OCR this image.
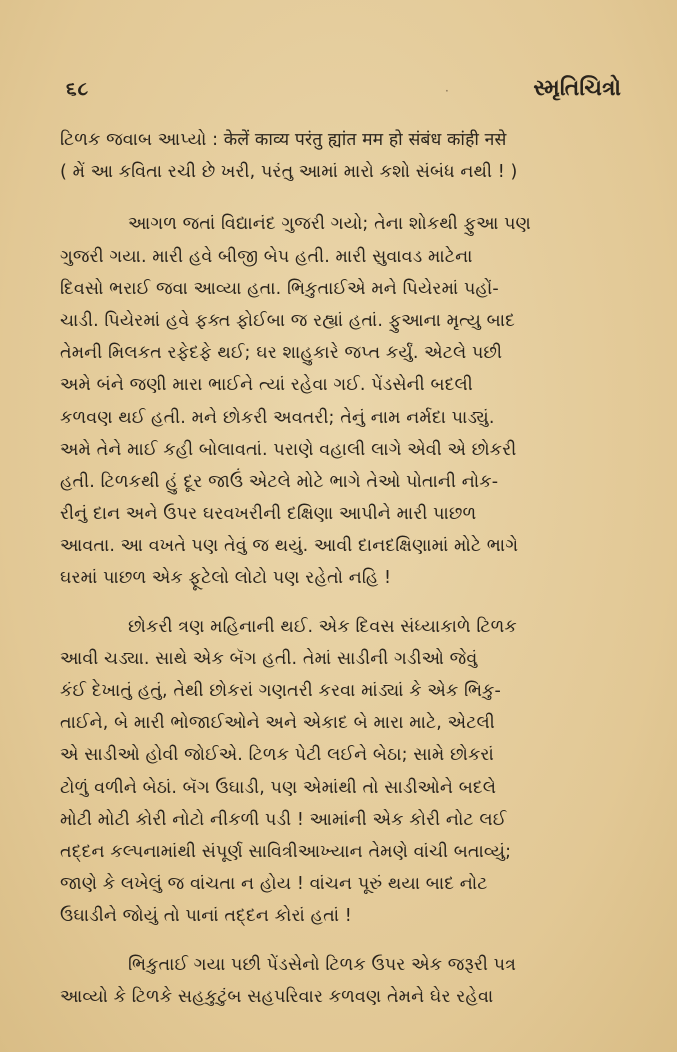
૬૮	·	સ્મૃતિચિત્રો
ટિળક જવાબ આપ્યો : केलें काव्य परंतु ह्यांत मम हो संबंध कांही नसे
( મેં આ કવિતા રચી છે ખરી, પરંતુ આમાં મારો કશો સંબંધ નથી ! )
આગળ જતાં વિદ્યાનંદ ગુજરી ગયો; તેના શોકથી ફુઆ પણ
ગુજરી ગયા. મારી હવે બીજી બેપ હતી. મારી સુવાવડ માટેના
દિવસો ભરાઈ જવા આવ્યા હતા. ભિકુતાઈએ મને પિયેરમાં પહોં-
ચાડી. પિયેરમાં હવે ફક્ત ફોઈબા જ રહ્યાં હતાં. ફુઆના મૃત્યુ બાદ
તેમની મિલકત રફેદફે થઈ; ઘર શાહુકારે જપ્ત કર્યું. એટલે પછી
અમે બંને જણી મારા ભાઈને ત્યાં રહેવા ગઈ. પેંડસેની બદલી
કળવણ થઈ હતી. મને છોકરી અવતરી; તેનું નામ નર્મદા પાડ્યું.
અમે તેને માઈ કહી બોલાવતાં. પરાણે વહાલી લાગે એવી એ છોકરી
હતી. ટિળકથી હું દૂર જાઉં એટલે મોટે ભાગે તેઓ પોતાની નોક-
રીનું દાન અને ઉપર ઘરવખરીની દક્ષિણા આપીને મારી પાછળ
આવતા. આ વખતે પણ તેવું જ થયું. આવી દાનદક્ષિણામાં મોટે ભાગે
ઘરમાં પાછળ એક ફૂટેલો લોટો પણ રહેતો નહિ !
છોકરી ત્રણ મહિનાની થઈ. એક દિવસ સંધ્યાકાળે ટિળક
આવી ચડ્યા. સાથે એક બૅગ હતી. તેમાં સાડીની ગડીઓ જેવું
કંઈ દેખાતું હતું, તેથી છોકરાં ગણતરી કરવા માંડ્યાં કે એક ભિકુ-
તાઈને, બે મારી ભોજાઈઓને અને એકાદ બે મારા માટે, એટલી
એ સાડીઓ હોવી જોઈએ. ટિળક પેટી લઈને બેઠા; સામે છોકરાં
ટોળું વળીને બેઠાં. બૅગ ઉઘાડી, પણ એમાંથી તો સાડીઓને બદલે
મોટી મોટી કોરી નોટો નીકળી પડી ! આમાંની એક કોરી નોટ લઈ
તદ્દન કલ્પનામાંથી સંપૂર્ણ સાવિત્રીઆખ્યાન તેમણે વાંચી બતાવ્યું;
જાણે કે લખેલું જ વાંચતા ન હોય ! વાંચન પૂરું થયા બાદ નોટ
ઉઘાડીને જોયું તો પાનાં તદ્દન કોરાં હતાં !
ભિકુતાઈ ગયા પછી પેંડસેનો ટિળક ઉપર એક જરૂરી પત્ર
આવ્યો કે ટિળકે સહકુટુંબ સહપરિવાર કળવણ તેમને ઘેર રહેવા
